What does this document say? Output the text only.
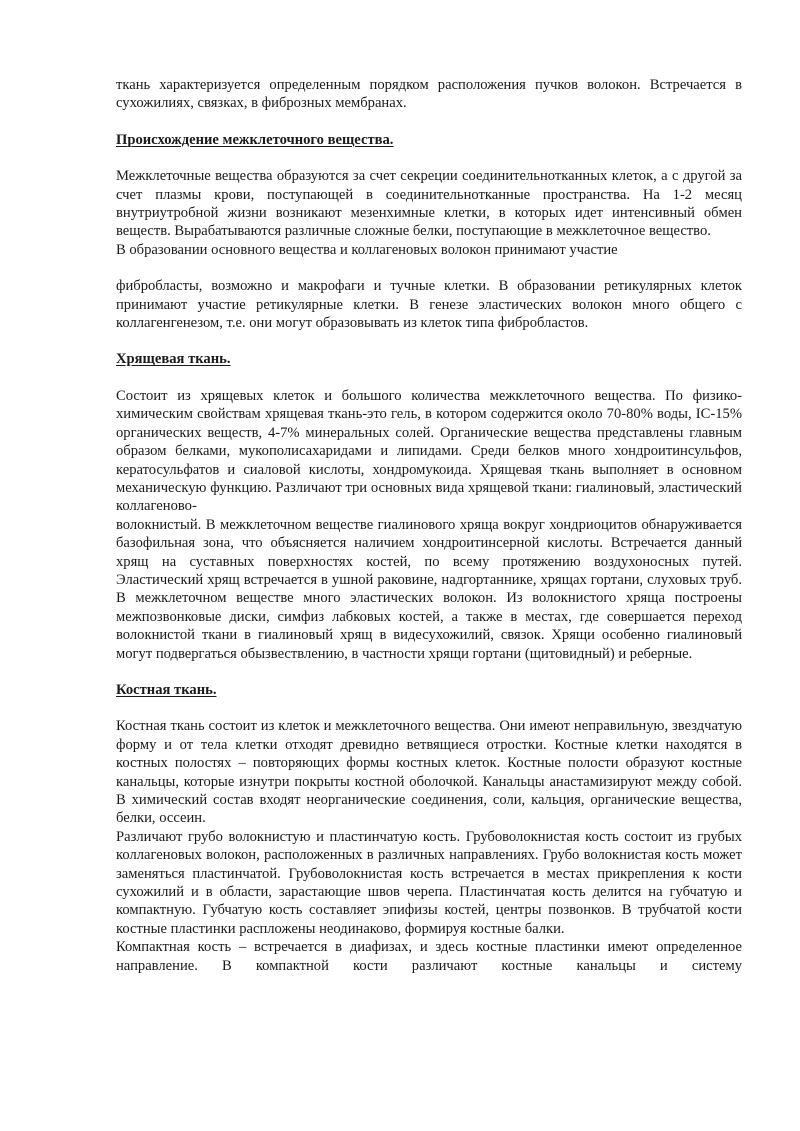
ткань характеризуется определенным порядком расположения пучков волокон. Встречается в сухожилиях, связках, в фиброзных мембранах.

Происхождение межклеточного вещества.

Межклеточные вещества образуются за счет секреции соединительнотканных клеток, а с другой за счет плазмы крови, поступающей в соединительнотканные пространства. На 1-2 месяц внутриутробной жизни возникают мезенхимные клетки, в которых идет интенсивный обмен веществ. Вырабатываются различные сложные белки, поступающие в межклеточное вещество.

В образовании основного вещества и коллагеновых волокон принимают участие

фибробласты, возможно и макрофаги и тучные клетки. В образовании ретикулярных клеток принимают участие ретикулярные клетки. В генезе эластических волокон много общего с коллагенгенезом, т.е. они могут образовывать из клеток типа фибробластов.

Хрящевая ткань.

Состоит из хрящевых клеток и большого количества межклеточного вещества. По физико-химическим свойствам хрящевая ткань-это гель, в котором содержится около 70-80% воды, IC-15% органических веществ, 4-7% минеральных солей. Органические вещества представлены главным образом белками, мукополисахаридами и липидами. Среди белков много хондроитинсульфов, кератосульфатов и сиаловой кислоты, хондромукоида. Хрящевая ткань выполняет в основном механическую функцию. Различают три основных вида хрящевой ткани: гиалиновый, эластический коллагеново-

волокнистый. В межклеточном веществе гиалинового хряща вокруг хондриоцитов обнаруживается базофильная зона, что объясняется наличием хондроитинсерной кислоты. Встречается данный хрящ на суставных поверхностях костей, по всему протяжению воздухоносных путей. Эластический хрящ встречается в ушной раковине, надгортаннике, хрящах гортани, слуховых труб. В межклеточном веществе много эластических волокон. Из волокнистого хряща построены межпозвонковые диски, симфиз лабковых костей, а также в местах, где совершается переход волокнистой ткани в гиалиновый хрящ в видесухожилий, связок. Хрящи особенно гиалиновый могут подвергаться обызвествлению, в частности хрящи гортани (щитовидный) и реберные.

Костная ткань.

Костная ткань состоит из клеток и межклеточного вещества. Они имеют неправильную, звездчатую форму и от тела клетки отходят древидно ветвящиеся отростки. Костные клетки находятся в костных полостях – повторяющих формы костных клеток. Костные полости образуют костные канальцы, которые изнутри покрыты костной оболочкой. Канальцы анастамизируют между собой. В химический состав входят неорганические соединения, соли, кальция, органические вещества, белки, оссеин.

Различают грубо волокнистую и пластинчатую кость. Грубоволокнистая кость состоит из грубых коллагеновых волокон, расположенных в различных направлениях. Грубо волокнистая кость может заменяться пластинчатой. Грубоволокнистая кость встречается в местах прикрепления к кости сухожилий и в области, зарастающие швов черепа. Пластинчатая кость делится на губчатую и компактную. Губчатую кость составляет эпифизы костей, центры позвонков. В трубчатой кости костные пластинки распложены неодинаково, формируя костные балки.

Компактная кость – встречается в диафизах, и здесь костные пластинки имеют определенное направление. В компактной кости различают костные канальцы и систему
